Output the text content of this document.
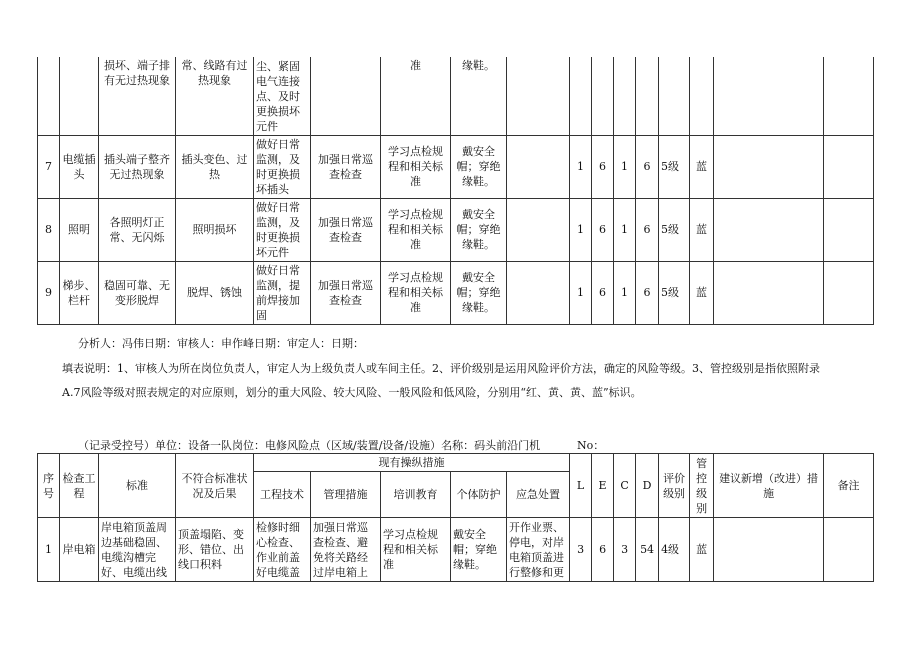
		损坏、端子排有无过热现象	常、线路有过热现象	尘、紧固电气连接点、及时更换损坏元件		准	缘鞋。									
7	电缆插头	插头端子整齐无过热现象	插头变色、过热	做好日常监测，及时更换损坏插头	加强日常巡查检查	学习点检规程和相关标准	戴安全帽；穿绝缘鞋。		1	6	1	6	5级	蓝		
8	照明	各照明灯正常、无闪烁	照明损坏	做好日常监测，及时更换损坏元件	加强日常巡查检查	学习点检规程和相关标准	戴安全帽；穿绝缘鞋。		1	6	1	6	5级	蓝		
9	梯步、栏杆	稳固可靠、无变形脱焊	脱焊、锈蚀	做好日常监测，提前焊接加固	加强日常巡查检查	学习点检规程和相关标准	戴安全帽；穿绝缘鞋。		1	6	1	6	5级	蓝		
分析人：冯伟日期：审核人：申作峰日期：审定人：日期：
填表说明：1、审核人为所在岗位负责人，审定人为上级负责人或车间主任。2、评价级别是运用风险评价方法，确定的风险等级。3、管控级别是指依照附录
A.7风险等级对照表规定的对应原则，划分的重大风险、较大风险、一般风险和低风险，分别用“红、黄、黄、蓝”标识。
（记录受控号）单位：设备一队岗位：电修风险点（区域/装置/设备/设施）名称：码头前沿门机	No：
序号	检查工程	标准	不符合标准状况及后果	现有操纵措施					L	E	C	D	评价级别	管控级别	建议新增（改进）措施	备注
				工程技术	管理措施	培训教育	个体防护	应急处置								
1	岸电箱	岸电箱顶盖周边基础稳固、电缆沟槽完好、电缆出线	顶盖塌陷、变形、错位、出线口积料	检修时细心检查、作业前盖好电缆盖	加强日常巡查检查、避免将关路经过岸电箱上	学习点检规程和相关标准	戴安全帽；穿绝缘鞋。	开作业票、停电，对岸电箱顶盖进行整修和更	3	6	3	54	4级	蓝		
